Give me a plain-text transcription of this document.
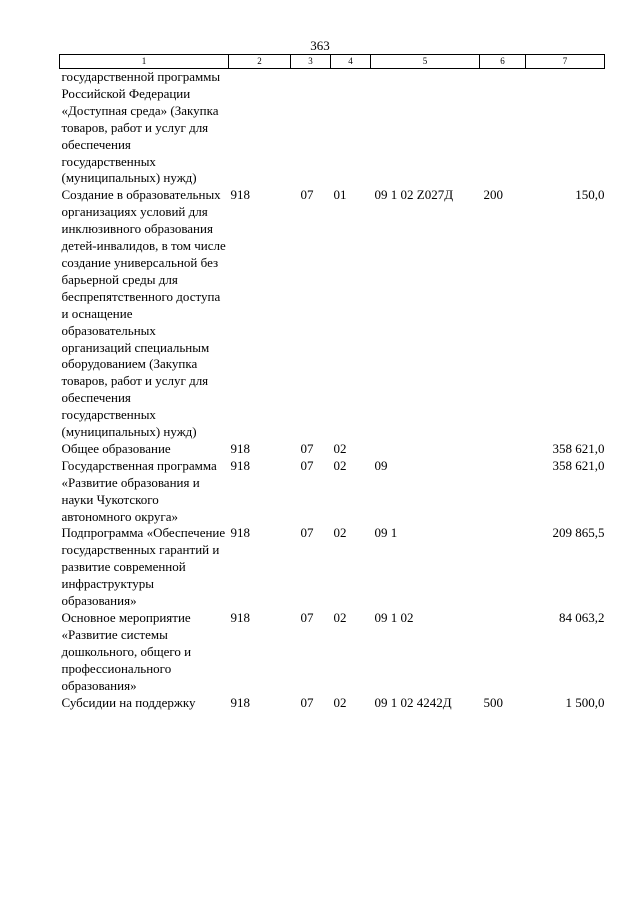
363
1	2	3	4	5	6	7
государственной программы Российской Федерации «Доступная среда» (Закупка товаров, работ и услуг для обеспечения государственных (муниципальных) нужд)						
Создание в образовательных организациях условий для инклюзивного образования детей-инвалидов, в том числе создание универсальной без барьерной среды для беспрепятственного доступа и оснащение образовательных организаций специальным оборудованием (Закупка товаров, работ и услуг для обеспечения государственных (муниципальных) нужд)	918	07	01	09 1 02 Z027Д	200	150,0
Общее образование	918	07	02			358 621,0
Государственная программа «Развитие образования и науки Чукотского автономного округа»	918	07	02	09		358 621,0
Подпрограмма «Обеспечение государственных гарантий и развитие современной инфраструктуры образования»	918	07	02	09 1		209 865,5
Основное мероприятие «Развитие системы дошкольного, общего и профессионального образования»	918	07	02	09 1 02		84 063,2
Субсидии на поддержку	918	07	02	09 1 02 4242Д	500	1 500,0
